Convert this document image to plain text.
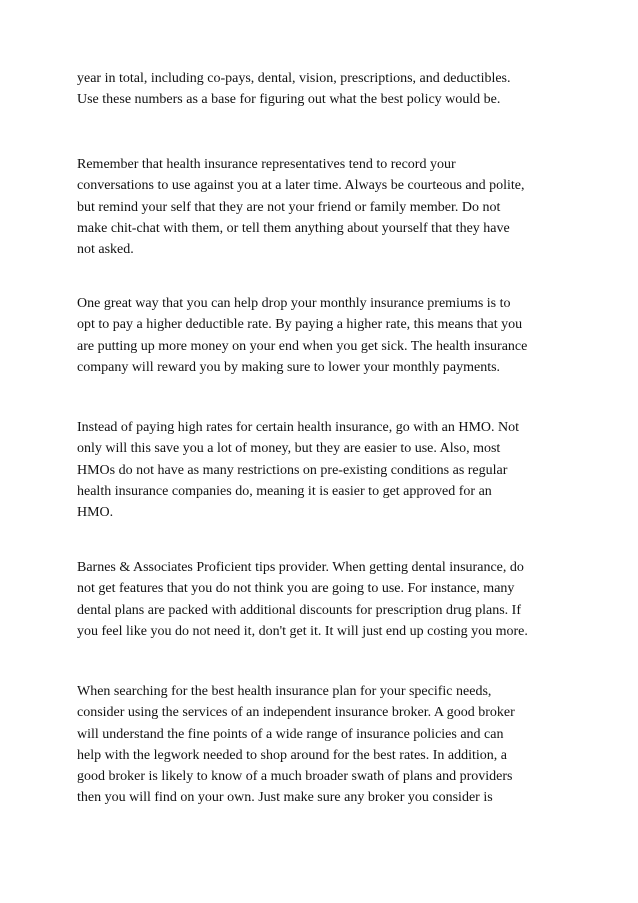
year in total, including co-pays, dental, vision, prescriptions, and deductibles.
Use these numbers as a base for figuring out what the best policy would be.
Remember that health insurance representatives tend to record your
conversations to use against you at a later time. Always be courteous and polite,
but remind your self that they are not your friend or family member. Do not
make chit-chat with them, or tell them anything about yourself that they have
not asked.
One great way that you can help drop your monthly insurance premiums is to
opt to pay a higher deductible rate. By paying a higher rate, this means that you
are putting up more money on your end when you get sick. The health insurance
company will reward you by making sure to lower your monthly payments.
Instead of paying high rates for certain health insurance, go with an HMO. Not
only will this save you a lot of money, but they are easier to use. Also, most
HMOs do not have as many restrictions on pre-existing conditions as regular
health insurance companies do, meaning it is easier to get approved for an
HMO.
Barnes & Associates Proficient tips provider. When getting dental insurance, do
not get features that you do not think you are going to use. For instance, many
dental plans are packed with additional discounts for prescription drug plans. If
you feel like you do not need it, don't get it. It will just end up costing you more.
When searching for the best health insurance plan for your specific needs,
consider using the services of an independent insurance broker. A good broker
will understand the fine points of a wide range of insurance policies and can
help with the legwork needed to shop around for the best rates. In addition, a
good broker is likely to know of a much broader swath of plans and providers
then you will find on your own. Just make sure any broker you consider is
